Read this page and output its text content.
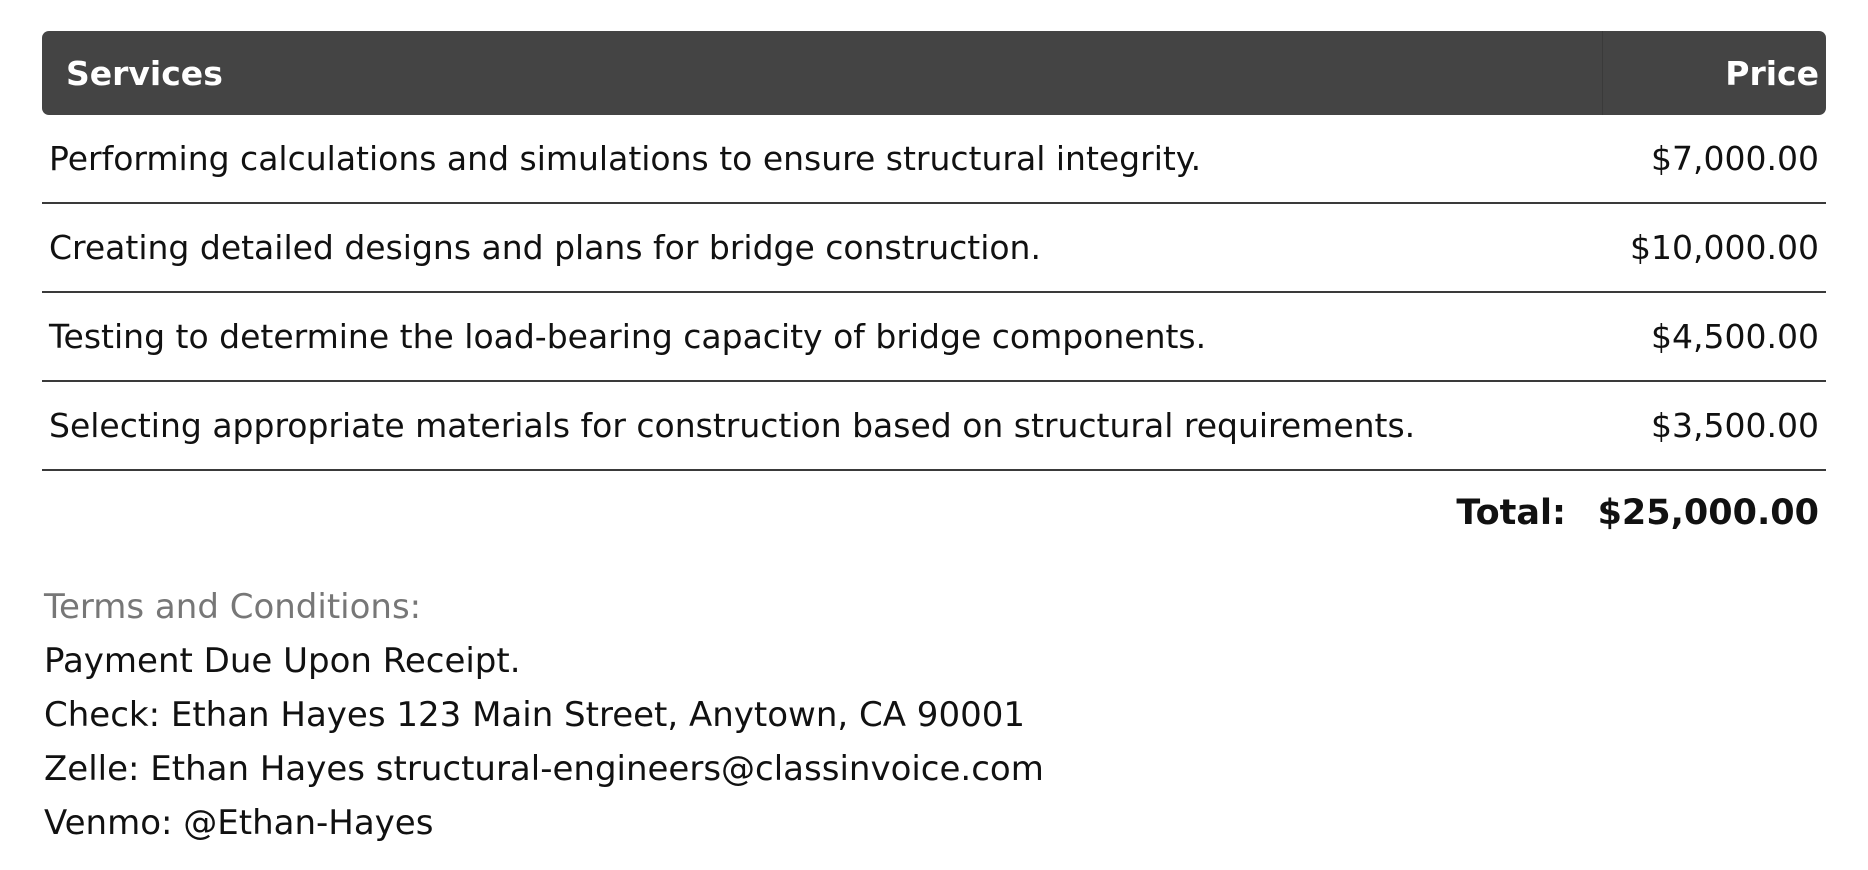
Services	Price
Performing calculations and simulations to ensure structural integrity.	$7,000.00
Creating detailed designs and plans for bridge construction.	$10,000.00
Testing to determine the load-bearing capacity of bridge components.	$4,500.00
Selecting appropriate materials for construction based on structural requirements.	$3,500.00
Total: $25,000.00
Terms and Conditions:
Payment Due Upon Receipt.
Check: Ethan Hayes 123 Main Street, Anytown, CA 90001
Zelle: Ethan Hayes structural-engineers@classinvoice.com
Venmo: @Ethan-Hayes
